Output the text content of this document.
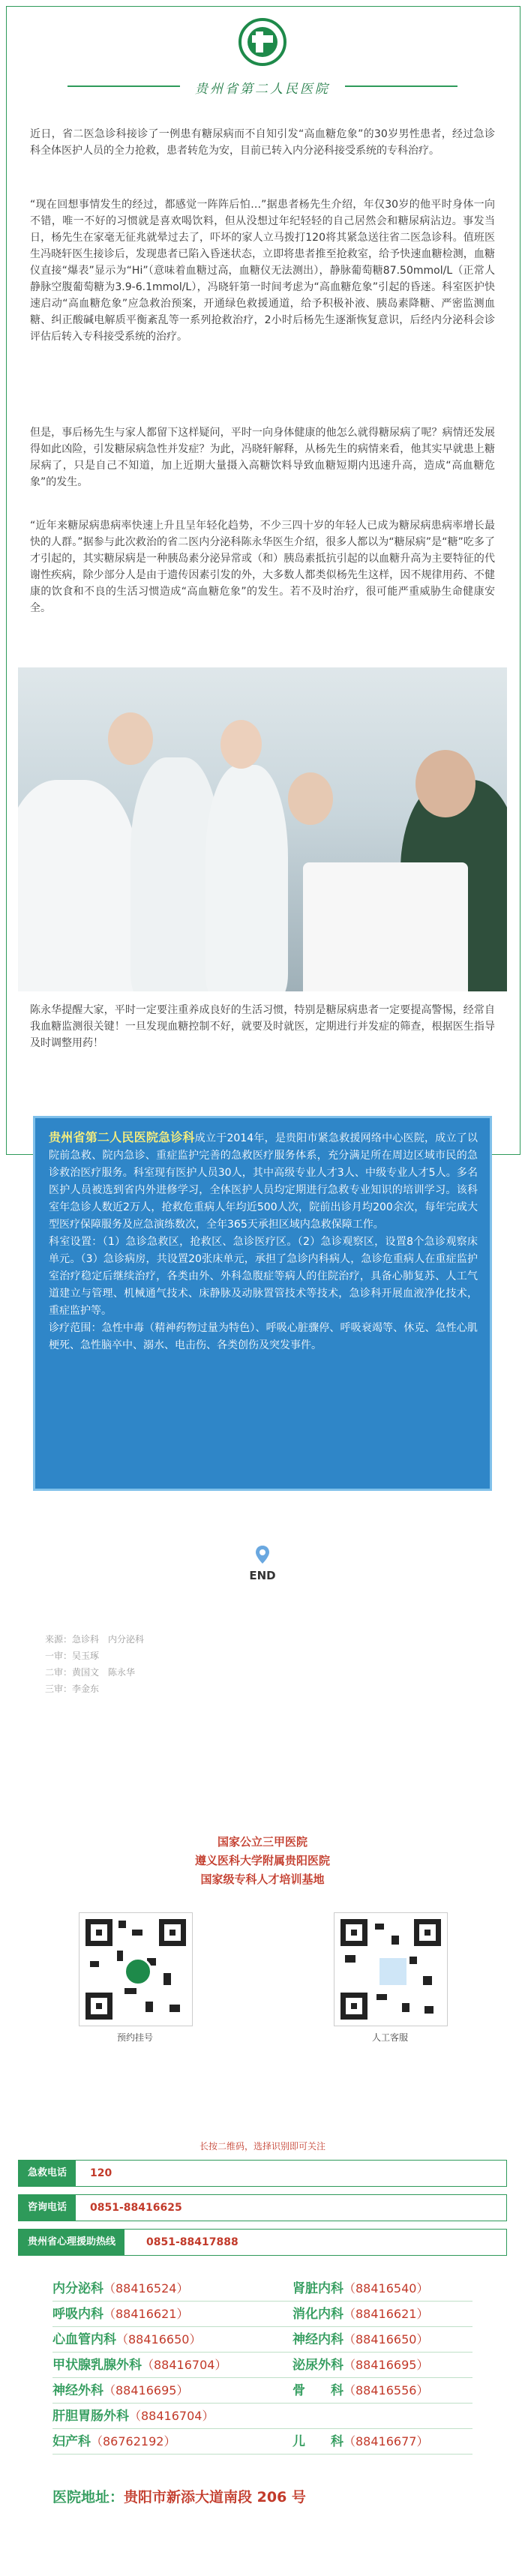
贵州省第二人民医院

近日，省二医急诊科接诊了一例患有糖尿病而不自知引发“高血糖危象”的30岁男性患者，经过急诊科全体医护人员的全力抢救，患者转危为安，目前已转入内分泌科接受系统的专科治疗。

“现在回想事情发生的经过，都感觉一阵阵后怕…”据患者杨先生介绍，年仅30岁的他平时身体一向不错，唯一不好的习惯就是喜欢喝饮料，但从没想过年纪轻轻的自己居然会和糖尿病沾边。事发当日，杨先生在家毫无征兆就晕过去了，吓坏的家人立马拨打120将其紧急送往省二医急诊科。值班医生冯晓轩医生接诊后，发现患者已陷入昏迷状态，立即将患者推至抢救室，给予快速血糖检测，血糖仪直接“爆表”显示为“Hi”（意味着血糖过高，血糖仪无法测出），静脉葡萄糖87.50mmol/L（正常人静脉空腹葡萄糖为3.9-6.1mmol/L），冯晓轩第一时间考虑为“高血糖危象”引起的昏迷。科室医护快速启动“高血糖危象”应急救治预案，开通绿色救援通道，给予积极补液、胰岛素降糖、严密监测血糖、纠正酸碱电解质平衡紊乱等一系列抢救治疗，2小时后杨先生逐渐恢复意识，后经内分泌科会诊评估后转入专科接受系统的治疗。

但是，事后杨先生与家人都留下这样疑问，平时一向身体健康的他怎么就得糖尿病了呢？病情还发展得如此凶险，引发糖尿病急性并发症？为此，冯晓轩解释，从杨先生的病情来看，他其实早就患上糖尿病了，只是自己不知道，加上近期大量摄入高糖饮料导致血糖短期内迅速升高，造成“高血糖危象”的发生。

“近年来糖尿病患病率快速上升且呈年轻化趋势，不少三四十岁的年轻人已成为糖尿病患病率增长最快的人群。”据参与此次救治的省二医内分泌科陈永华医生介绍，很多人都以为“糖尿病”是“糖”吃多了才引起的，其实糖尿病是一种胰岛素分泌异常或（和）胰岛素抵抗引起的以血糖升高为主要特征的代谢性疾病，除少部分人是由于遗传因素引发的外，大多数人都类似杨先生这样，因不规律用药、不健康的饮食和不良的生活习惯造成“高血糖危象”的发生。若不及时治疗，很可能严重威胁生命健康安全。

陈永华提醒大家，平时一定要注重养成良好的生活习惯，特别是糖尿病患者一定要提高警惕，经常自我血糖监测很关键！一旦发现血糖控制不好，就要及时就医，定期进行并发症的筛查，根据医生指导及时调整用药！

贵州省第二人民医院急诊科成立于2014年，是贵阳市紧急救援网络中心医院，成立了以院前急救、院内急诊、重症监护完善的急救医疗服务体系，充分满足所在周边区域市民的急诊救治医疗服务。科室现有医护人员30人，其中高级专业人才3人、中级专业人才5人。多名医护人员被选到省内外进修学习，全体医护人员均定期进行急救专业知识的培训学习。该科室年急诊人数近2万人，抢救危重病人年均近500人次，院前出诊月均200余次，每年完成大型医疗保障服务及应急演练数次，全年365天承担区域内急救保障工作。
科室设置：（1）急诊急救区，抢救区、急诊医疗区。（2）急诊观察区，设置8个急诊观察床单元。（3）急诊病房，共设置20张床单元，承担了急诊内科病人，急诊危重病人在重症监护室治疗稳定后继续治疗，各类由外、外科急腹症等病人的住院治疗，具备心肺复苏、人工气道建立与管理、机械通气技术、床静脉及动脉置管技术等技术，急诊科开展血液净化技术，重症监护等。
诊疗范围：急性中毒（精神药物过量为特色）、呼吸心脏骤停、呼吸衰竭等、休克、急性心肌梗死、急性脑卒中、溺水、电击伤、各类创伤及突发事件。

END
来源：急诊科　内分泌科
一审：吴玉琢
二审：黄国文　陈永华
三审：李金东
国家公立三甲医院
遵义医科大学附属贵阳医院
国家级专科人才培训基地
预约挂号	人工客服
长按二维码，选择识别即可关注
急救电话	120
咨询电话	0851-88416625
贵州省心理援助热线	0851-88417888
内分泌科（88416524）	肾脏内科（88416540）
呼吸内科（88416621）	消化内科（88416621）
心血管内科（88416650）	神经内科（88416650）
甲状腺乳腺外科（88416704）	泌尿外科（88416695）
神经外科（88416695）	骨　　科（88416556）
肝胆胃肠外科（88416704）
妇产科（86762192）	儿　　科（88416677）
医院地址：贵阳市新添大道南段 206 号
